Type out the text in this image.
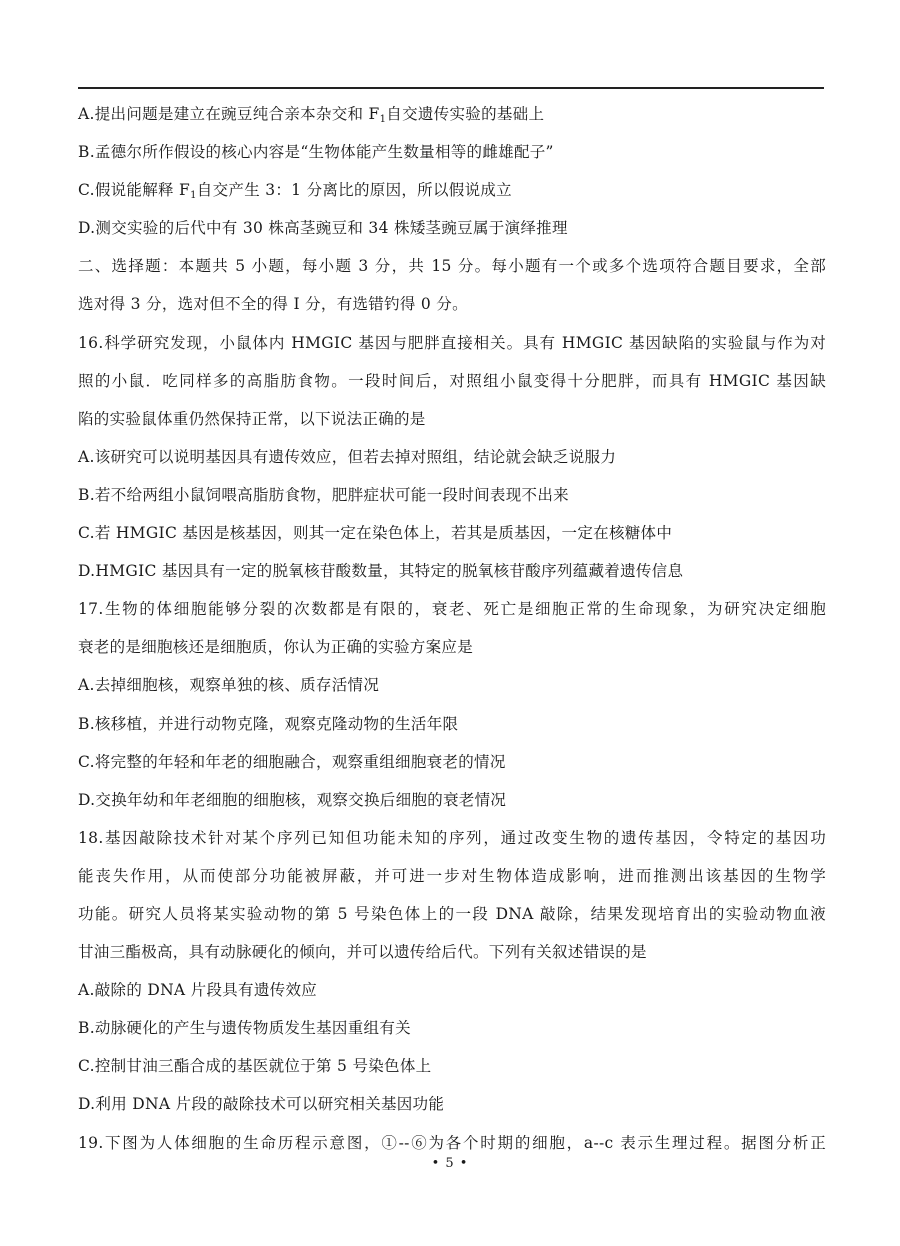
A.提出问题是建立在豌豆纯合亲本杂交和 $F_1$自交遗传实验的基础上
B.孟德尔所作假设的核心内容是“生物体能产生数量相等的雌雄配子”
C.假说能解释 $F_1$自交产生 3：1 分离比的原因，所以假说成立
D.测交实验的后代中有 30 株高茎豌豆和 34 株矮茎豌豆属于演绎推理
二、选择题：本题共 5 小题，每小题 3 分，共 15 分。每小题有一个或多个选项符合题目要求，全部
选对得 3 分，选对但不全的得 I 分，有选错钓得 0 分。
16.科学研究发现，小鼠体内 HMGIC 基因与肥胖直接相关。具有 HMGIC 基因缺陷的实验鼠与作为对
照的小鼠．吃同样多的高脂肪食物。一段时间后，对照组小鼠变得十分肥胖，而具有 HMGIC 基因缺
陷的实验鼠体重仍然保持正常，以下说法正确的是
A.该研究可以说明基因具有遗传效应，但若去掉对照组，结论就会缺乏说服力
B.若不给两组小鼠饲喂高脂肪食物，肥胖症状可能一段时间表现不出来
C.若 HMGIC 基因是核基因，则其一定在染色体上，若其是质基因，一定在核糖体中
D.HMGIC 基因具有一定的脱氧核苷酸数量，其特定的脱氧核苷酸序列蕴藏着遗传信息
17.生物的体细胞能够分裂的次数都是有限的，衰老、死亡是细胞正常的生命现象，为研究决定细胞
衰老的是细胞核还是细胞质，你认为正确的实验方案应是
A.去掉细胞核，观察单独的核、质存活情况
B.核移植，并进行动物克隆，观察克隆动物的生活年限
C.将完整的年轻和年老的细胞融合，观察重组细胞衰老的情况
D.交换年幼和年老细胞的细胞核，观察交换后细胞的衰老情况
18.基因敲除技术针对某个序列已知但功能未知的序列，通过改变生物的遗传基因，令特定的基因功
能丧失作用，从而使部分功能被屏蔽，并可进一步对生物体造成影响，进而推测出该基因的生物学
功能。研究人员将某实验动物的第 5 号染色体上的一段 DNA 敲除，结果发现培育出的实验动物血液
甘油三酯极高，具有动脉硬化的倾向，并可以遗传给后代。下列有关叙述错误的是
A.敲除的 DNA 片段具有遗传效应
B.动脉硬化的产生与遗传物质发生基因重组有关
C.控制甘油三酯合成的基医就位于第 5 号染色体上
D.利用 DNA 片段的敲除技术可以研究相关基因功能
19.下图为人体细胞的生命历程示意图，①--⑥为各个时期的细胞，a--c 表示生理过程。据图分析正
• 5 •
